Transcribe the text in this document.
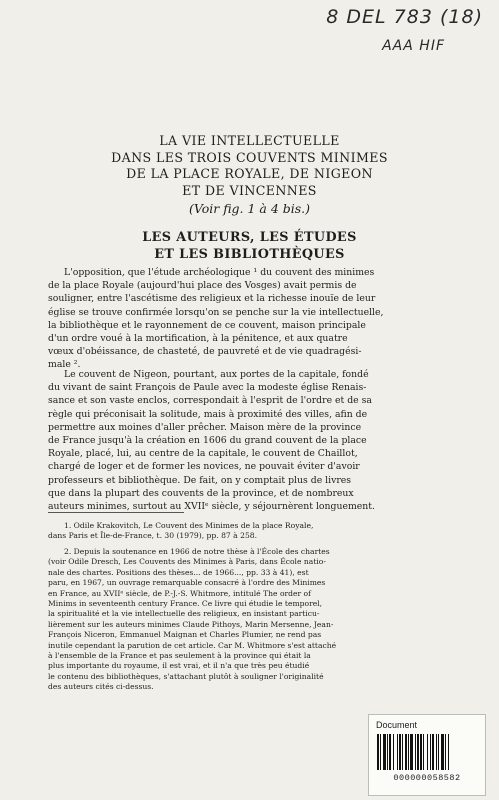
8 DEL 783 (18)
AAA HIF
LA VIE INTELLECTUELLE
DANS LES TROIS COUVENTS MINIMES
DE LA PLACE ROYALE, DE NIGEON
ET DE VINCENNES
(Voir fig. 1 à 4 bis.)
LES AUTEURS, LES ÉTUDES
ET LES BIBLIOTHÈQUES
L'opposition, que l'étude archéologique ¹ du couvent des minimes
de la place Royale (aujourd'hui place des Vosges) avait permis de
souligner, entre l'ascétisme des religieux et la richesse inouïe de leur
église se trouve confirmée lorsqu'on se penche sur la vie intellectuelle,
la bibliothèque et le rayonnement de ce couvent, maison principale
d'un ordre voué à la mortification, à la pénitence, et aux quatre
vœux d'obéissance, de chasteté, de pauvreté et de vie quadragési-
male ².
Le couvent de Nigeon, pourtant, aux portes de la capitale, fondé
du vivant de saint François de Paule avec la modeste église Renais-
sance et son vaste enclos, correspondait à l'esprit de l'ordre et de sa
règle qui préconisait la solitude, mais à proximité des villes, afin de
permettre aux moines d'aller prêcher. Maison mère de la province
de France jusqu'à la création en 1606 du grand couvent de la place
Royale, placé, lui, au centre de la capitale, le couvent de Chaillot,
chargé de loger et de former les novices, ne pouvait éviter d'avoir
professeurs et bibliothèque. De fait, on y comptait plus de livres
que dans la plupart des couvents de la province, et de nombreux
auteurs minimes, surtout au XVIIᵉ siècle, y séjournèrent longuement.
1. Odile Krakovitch, Le Couvent des Minimes de la place Royale,
dans Paris et Île-de-France, t. 30 (1979), pp. 87 à 258.
2. Depuis la soutenance en 1966 de notre thèse à l'École des chartes
(voir Odile Dresch, Les Couvents des Minimes à Paris, dans École natio-
nale des chartes. Positions des thèses... de 1966..., pp. 33 à 41), est
paru, en 1967, un ouvrage remarquable consacré à l'ordre des Minimes
en France, au XVIIᵉ siècle, de P.-J.-S. Whitmore, intitulé The order of
Minims in seventeenth century France. Ce livre qui étudie le temporel,
la spiritualité et la vie intellectuelle des religieux, en insistant particu-
lièrement sur les auteurs minimes Claude Pithoys, Marin Mersenne, Jean-
François Niceron, Emmanuel Maignan et Charles Plumier, ne rend pas
inutile cependant la parution de cet article. Car M. Whitmore s'est attaché
à l'ensemble de la France et pas seulement à la province qui était la
plus importante du royaume, il est vrai, et il n'a que très peu étudié
le contenu des bibliothèques, s'attachant plutôt à souligner l'originalité
des auteurs cités ci-dessus.
Document
000000058582
